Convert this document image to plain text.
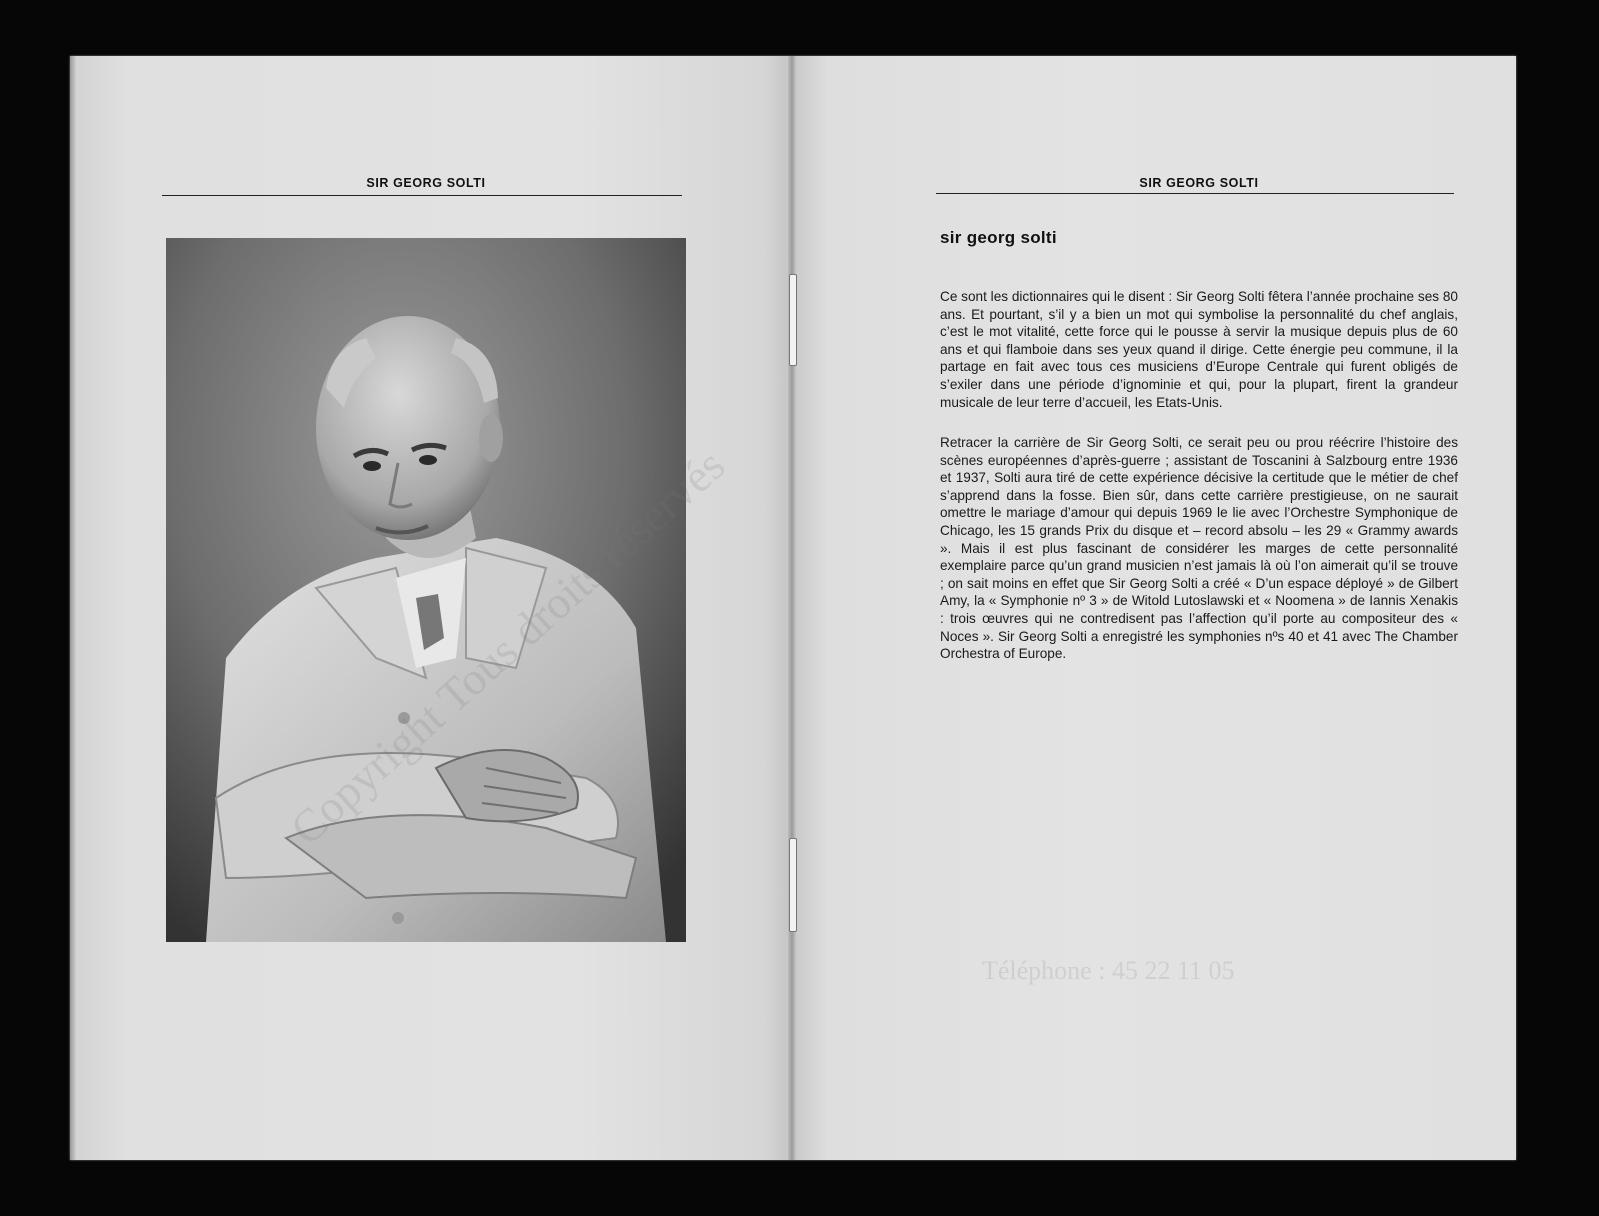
SIR GEORG SOLTI	SIR GEORG SOLTI
sir georg solti

Ce sont les dictionnaires qui le disent : Sir Georg Solti fêtera l’année prochaine ses 80 ans. Et pourtant, s’il y a bien un mot qui symbolise la personnalité du chef anglais, c’est le mot vitalité, cette force qui le pousse à servir la musique depuis plus de 60 ans et qui flamboie dans ses yeux quand il dirige. Cette énergie peu commune, il la partage en fait avec tous ces musiciens d’Europe Centrale qui furent obligés de s’exiler dans une période d’ignominie et qui, pour la plupart, firent la grandeur musicale de leur terre d’accueil, les Etats-Unis.

Retracer la carrière de Sir Georg Solti, ce serait peu ou prou réécrire l’histoire des scènes européennes d’après-guerre ; assistant de Toscanini à Salzbourg entre 1936 et 1937, Solti aura tiré de cette expérience décisive la certitude que le métier de chef s’apprend dans la fosse. Bien sûr, dans cette carrière prestigieuse, on ne saurait omettre le mariage d’amour qui depuis 1969 le lie avec l’Orchestre Symphonique de Chicago, les 15 grands Prix du disque et – record absolu – les 29 « Grammy awards ». Mais il est plus fascinant de considérer les marges de cette personnalité exemplaire parce qu’un grand musicien n’est jamais là où l’on aimerait qu’il se trouve ; on sait moins en effet que Sir Georg Solti a créé « D’un espace déployé » de Gilbert Amy, la « Symphonie nº 3 » de Witold Lutoslawski et « Noomena » de Iannis Xenakis : trois œuvres qui ne contredisent pas l’affection qu’il porte au compositeur des « Noces ». Sir Georg Solti a enregistré les symphonies nºs 40 et 41 avec The Chamber Orchestra of Europe.

Téléphone : 45 22 11 05
